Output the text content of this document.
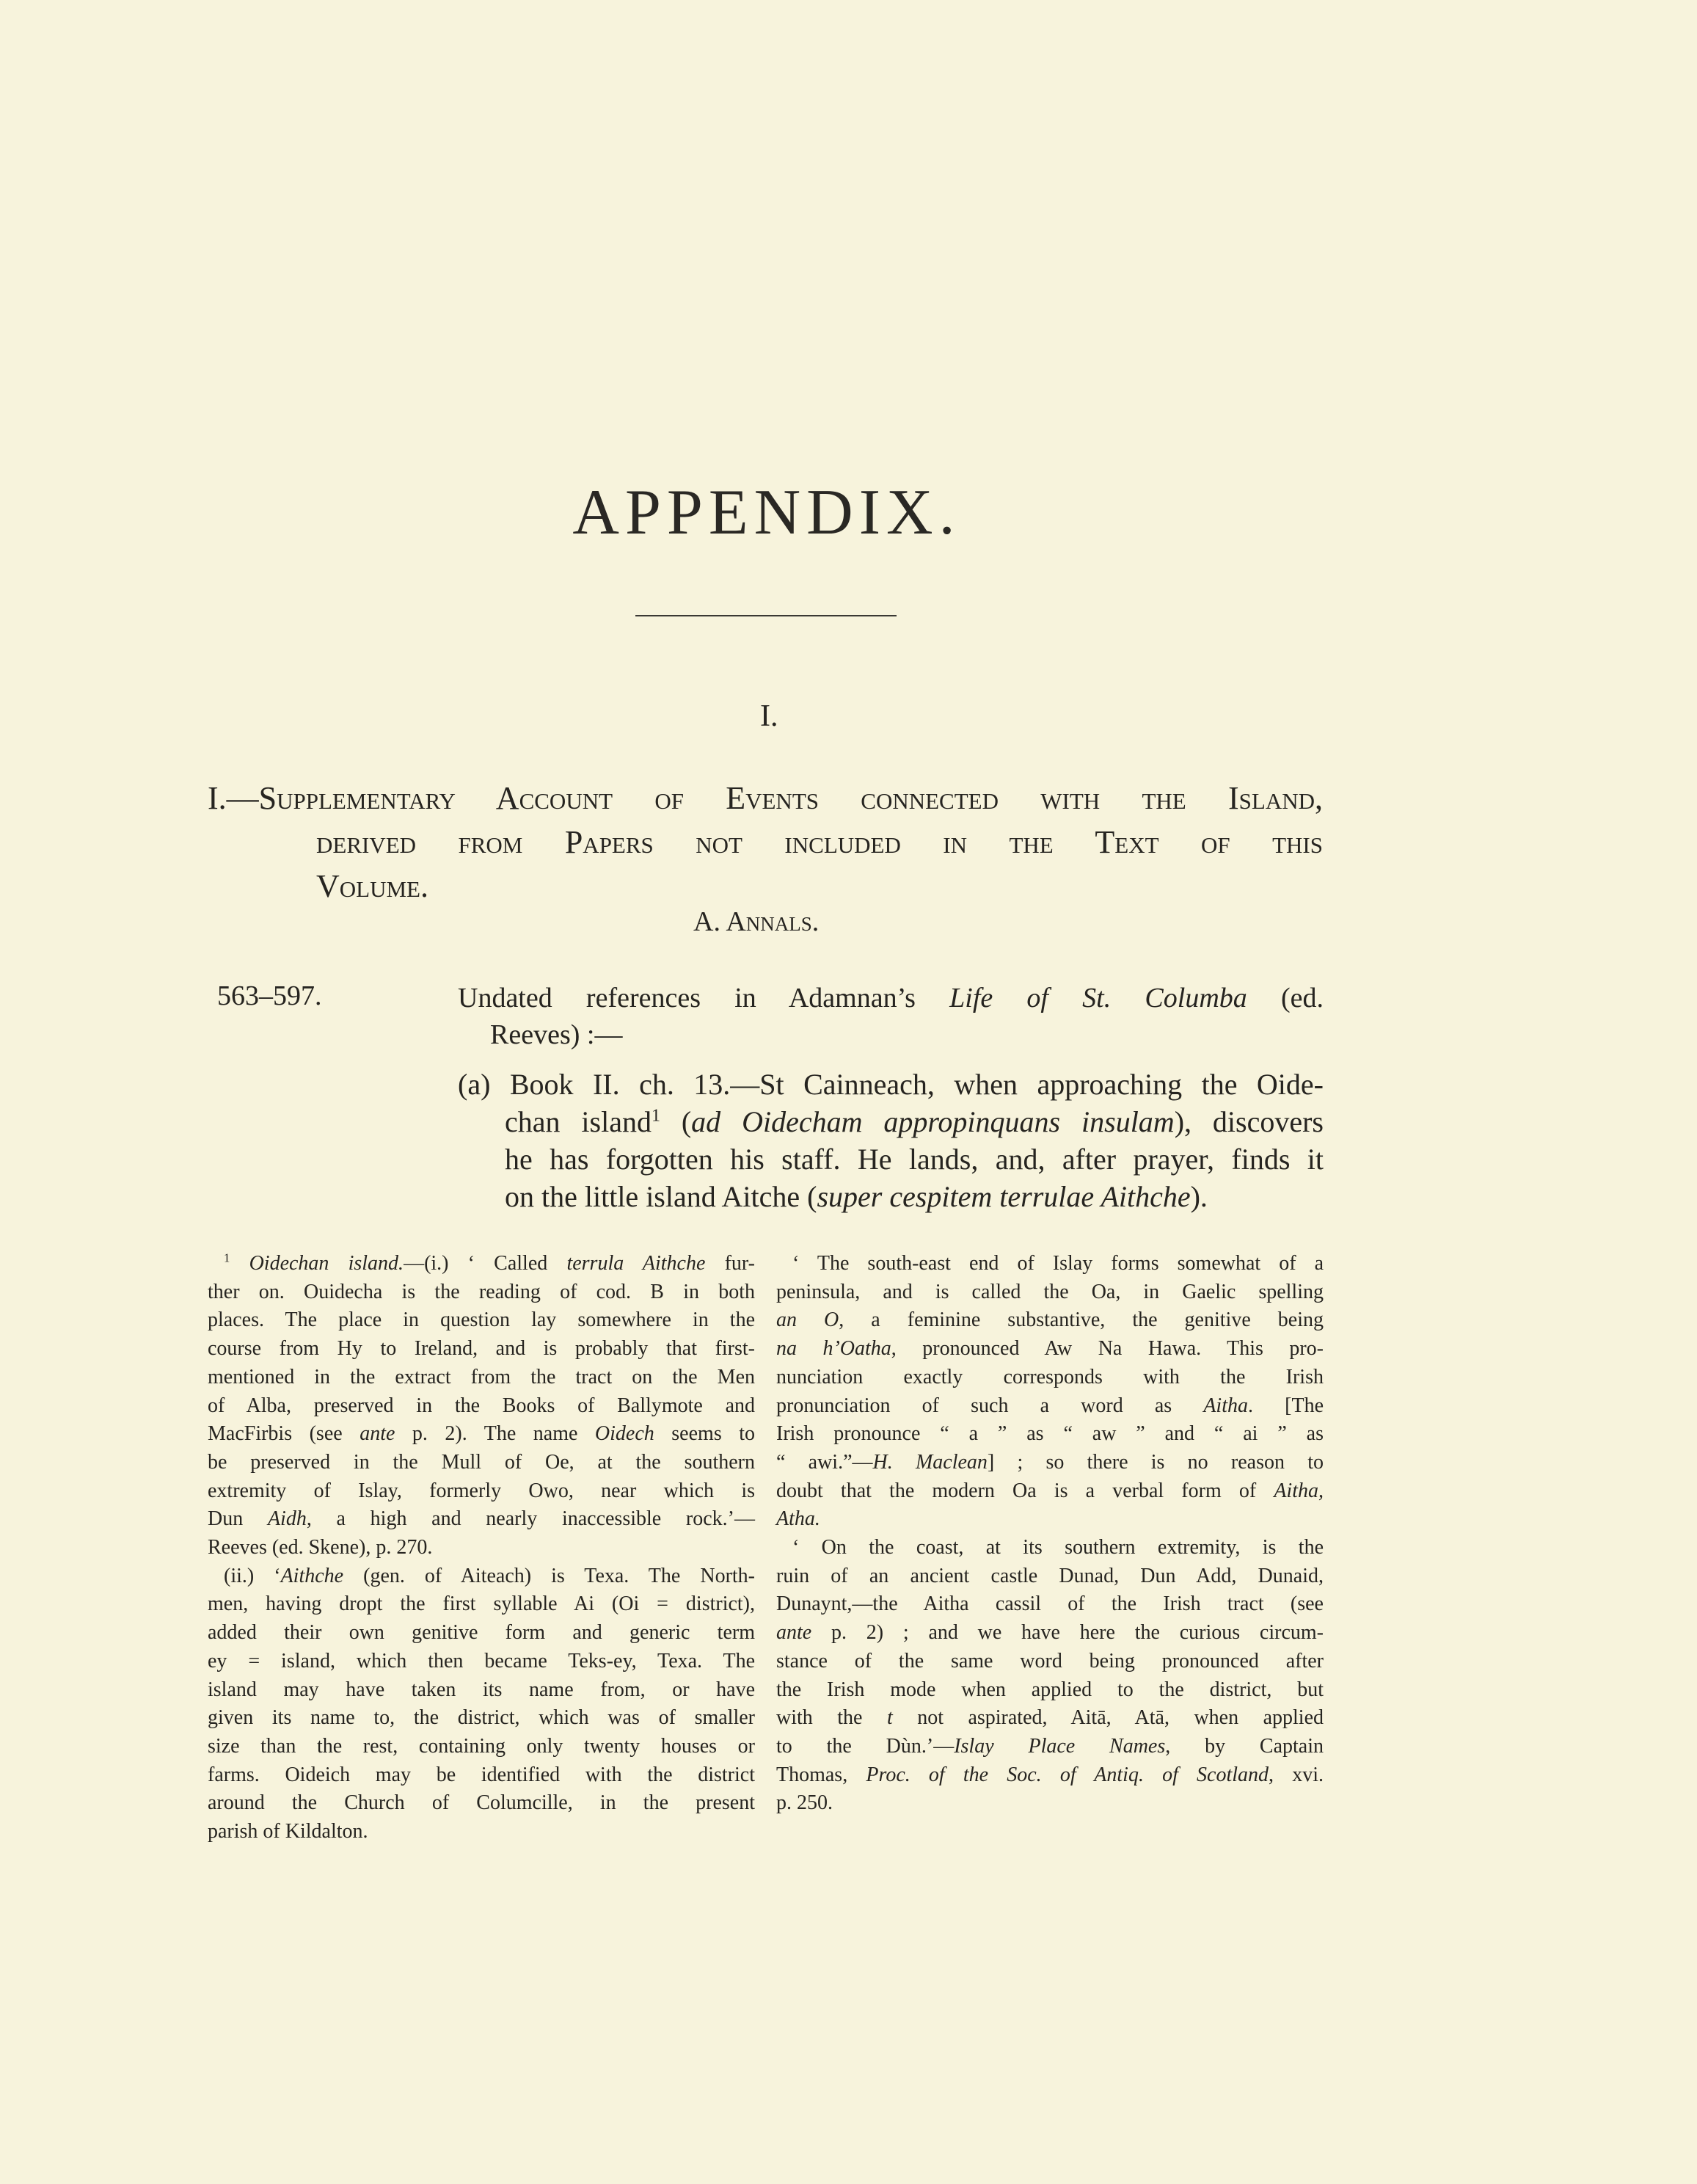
APPENDIX.
I.
I.—Supplementary Account of Events connected with the Island,
derived from Papers not included in the Text of this
Volume.
A. Annals.
563–597.	Undated references in Adamnan’s Life of St. Columba (ed.
Reeves) :—
(a) Book II. ch. 13.—St Cainneach, when approaching the Oide-
chan island$^1$ (ad Oidecham appropinquans insulam), discovers
he has forgotten his staff. He lands, and, after prayer, finds it
on the little island Aitche (super cespitem terrulae Aithche).
$^1$ Oidechan island.—(i.) ‘ Called terrula Aithche fur-
ther on. Ouidecha is the reading of cod. B in both
places. The place in question lay somewhere in the
course from Hy to Ireland, and is probably that first-
mentioned in the extract from the tract on the Men
of Alba, preserved in the Books of Ballymote and
MacFirbis (see ante p. 2). The name Oidech seems to
be preserved in the Mull of Oe, at the southern
extremity of Islay, formerly Owo, near which is
Dun Aidh, a high and nearly inaccessible rock.’—
Reeves (ed. Skene), p. 270.
(ii.) ‘Aithche (gen. of Aiteach) is Texa. The North-
men, having dropt the first syllable Ai (Oi = district),
added their own genitive form and generic term
ey = island, which then became Teks-ey, Texa. The
island may have taken its name from, or have
given its name to, the district, which was of smaller
size than the rest, containing only twenty houses or
farms. Oideich may be identified with the district
around the Church of Columcille, in the present
parish of Kildalton.
‘ The south-east end of Islay forms somewhat of a
peninsula, and is called the Oa, in Gaelic spelling
an O, a feminine substantive, the genitive being
na h’Oatha, pronounced Aw Na Hawa. This pro-
nunciation exactly corresponds with the Irish
pronunciation of such a word as Aitha. [The
Irish pronounce “ a ” as “ aw ” and “ ai ” as
“ awi.”—H. Maclean] ; so there is no reason to
doubt that the modern Oa is a verbal form of Aitha,
Atha.
‘ On the coast, at its southern extremity, is the
ruin of an ancient castle Dunad, Dun Add, Dunaid,
Dunaynt,—the Aitha cassil of the Irish tract (see
ante p. 2) ; and we have here the curious circum-
stance of the same word being pronounced after
the Irish mode when applied to the district, but
with the t not aspirated, Aitā, Atā, when applied
to the Dùn.’—Islay Place Names, by Captain
Thomas, Proc. of the Soc. of Antiq. of Scotland, xvi.
p. 250.
